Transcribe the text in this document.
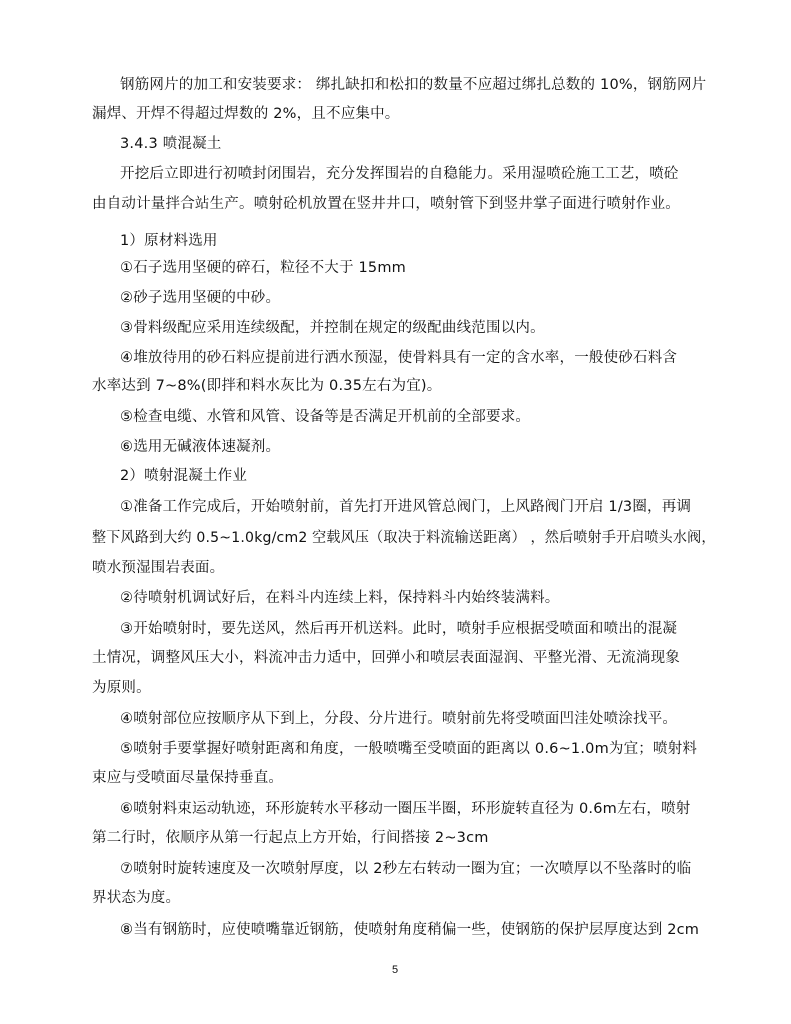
钢筋网片的加工和安装要求： 绑扎缺扣和松扣的数量不应超过绑扎总数的 10%，钢筋网片
漏焊、开焊不得超过焊数的 2%，且不应集中。
3.4.3 喷混凝土
开挖后立即进行初喷封闭围岩，充分发挥围岩的自稳能力。采用湿喷砼施工工艺，喷砼
由自动计量拌合站生产。喷射砼机放置在竖井井口，喷射管下到竖井掌子面进行喷射作业。
1）原材料选用
①石子选用坚硬的碎石，粒径不大于 15mm
②砂子选用坚硬的中砂。
③骨料级配应采用连续级配，并控制在规定的级配曲线范围以内。
④堆放待用的砂石料应提前进行洒水预湿，使骨料具有一定的含水率，一般使砂石料含
水率达到 7~8%(即拌和料水灰比为 0.35左右为宜)。
⑤检查电缆、水管和风管、设备等是否满足开机前的全部要求。
⑥选用无碱液体速凝剂。
2）喷射混凝土作业
①准备工作完成后，开始喷射前，首先打开进风管总阀门，上风路阀门开启 1/3圈，再调
整下风路到大约 0.5~1.0kg/cm2 空载风压（取决于料流输送距离） ，然后喷射手开启喷头水阀，
喷水预湿围岩表面。
②待喷射机调试好后，在料斗内连续上料，保持料斗内始终装满料。
③开始喷射时，要先送风，然后再开机送料。此时，喷射手应根据受喷面和喷出的混凝
土情况，调整风压大小，料流冲击力适中，回弹小和喷层表面湿润、平整光滑、无流淌现象
为原则。
④喷射部位应按顺序从下到上，分段、分片进行。喷射前先将受喷面凹洼处喷涂找平。
⑤喷射手要掌握好喷射距离和角度，一般喷嘴至受喷面的距离以 0.6~1.0m为宜；喷射料
束应与受喷面尽量保持垂直。
⑥喷射料束运动轨迹，环形旋转水平移动一圈压半圈，环形旋转直径为 0.6m左右，喷射
第二行时，依顺序从第一行起点上方开始，行间搭接 2~3cm
⑦喷射时旋转速度及一次喷射厚度，以 2秒左右转动一圈为宜；一次喷厚以不坠落时的临
界状态为度。
⑧当有钢筋时，应使喷嘴靠近钢筋，使喷射角度稍偏一些，使钢筋的保护层厚度达到 2cm
5
